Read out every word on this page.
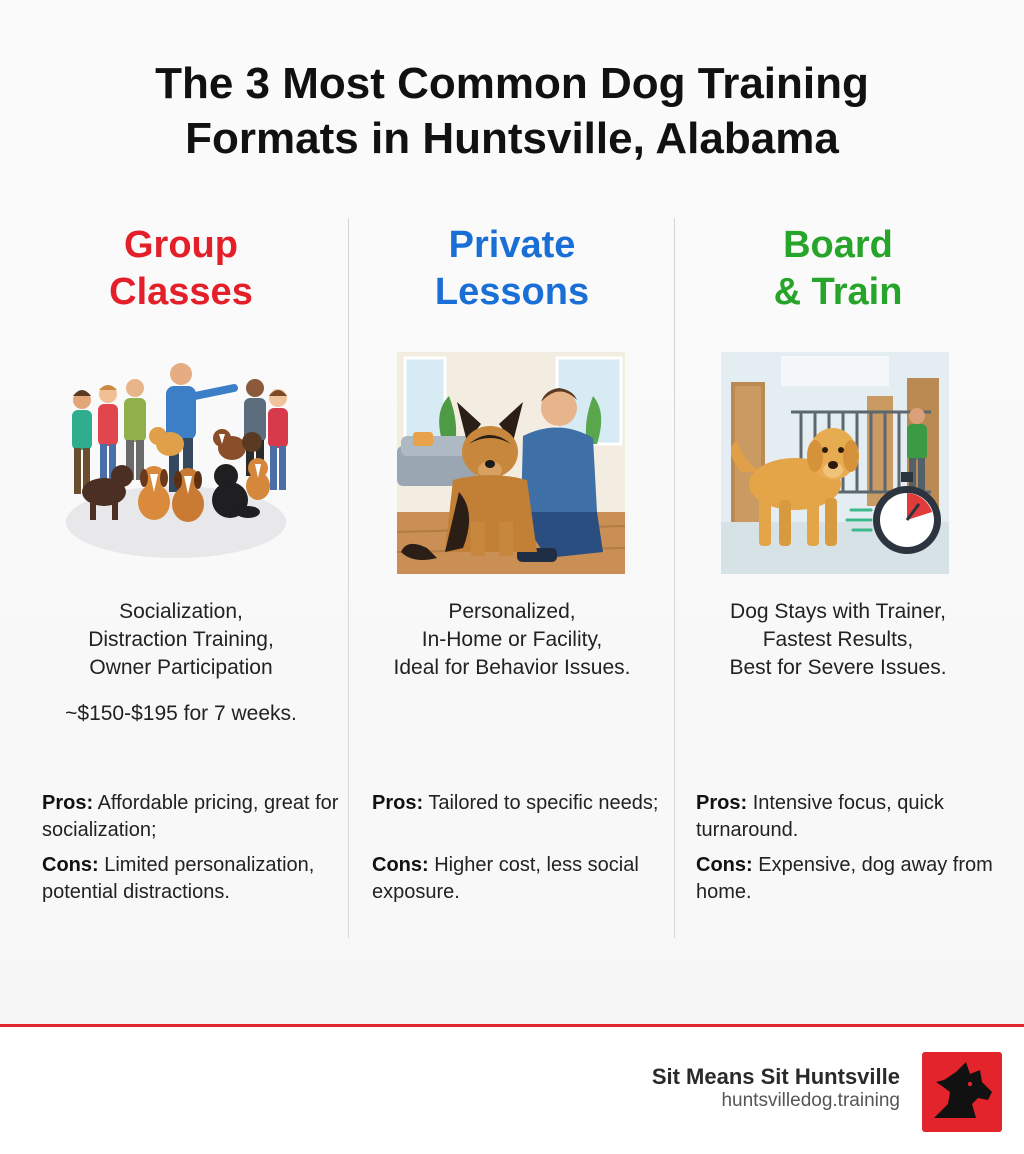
The 3 Most Common Dog Training
Formats in Huntsville, Alabama
Group
Classes
Socialization,
Distraction Training,
Owner Participation
~$150-$195 for 7 weeks.
Pros: Affordable pricing, great for socialization;
Cons: Limited personalization, potential distractions.
Private
Lessons
Personalized,
In-Home or Facility,
Ideal for Behavior Issues.
Pros: Tailored to specific needs;
Cons: Higher cost, less social exposure.
Board
& Train
Dog Stays with Trainer,
Fastest Results,
Best for Severe Issues.
Pros: Intensive focus, quick turnaround.
Cons: Expensive, dog away from home.
Sit Means Sit Huntsville
huntsvilledog.training
